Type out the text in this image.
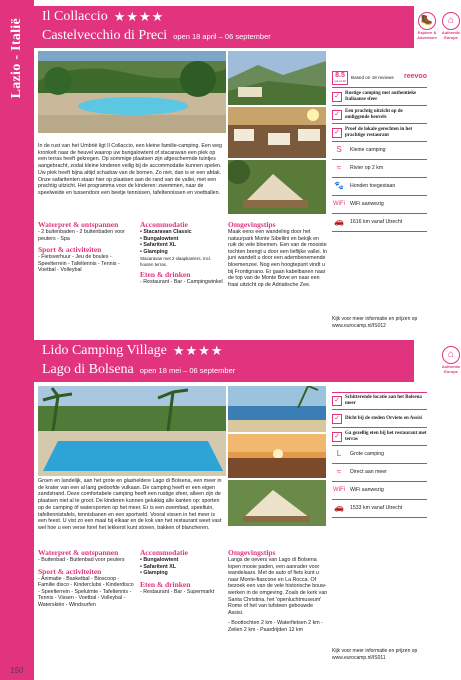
Lazio - Italië
Il Collaccio ★★★★
Castelvecchio di Preci open 18 april – 06 september
🥾
Explore & Adventure
⌂
Authentic Europe
In de rust van het Umbrië ligt Il Collaccio, een kleine familie-camping. Een weg kronkelt naar de heuvel waarop uw bungalowtent of stacaravan een plek op een terras heeft gekregen. Op sommige plaatsen zijn afgeschermde tuintjes aangebracht, zodat kleine kinderen veilig bij de accommodatie kunnen spelen. Uw plek heeft bijna altijd schaduw van de bomen. Zo niet, dan is er een afdak. Onze safaritenten staan hier op plaatsen aan de rand van de vallei, met een prachtig uitzicht. Het programma voor de kinderen: zwemmen, naar de speelweide en tussendoor een beetje tennissen, tafeltennissen en voetballen.
Waterpret & ontspannen
- 2 buitenbaden - 2 buitenbaden voor peuters - Spa
Sport & activiteiten
- Fietsverhuur - Jeu de boules - Speelterrein - Tafeltennis - Tennis - Voetbal - Volleybal
Accommodatie
• Stacaravan Classic
• Bungalowtent
• Safaritent XL
• Glamping
Stacaravan met 2 slaapkamers. Incl. houten terras.
Eten & drinken
- Restaurant - Bar - Campingwinkel
Omgevingstips
Maak eens een wandeling door het natuurpark Monte Sibellini en bekijk en ruik de vele bloemen. Een van de mooiste tochten brengt u door een lieflijke vallei. In juni wandelt u door een adembenemende bloemenzee. Nog een hoogtepunt vindt u bij Frontignano. Er gaan kabelbanen naar de top van de Monte Bove en naar een fraai uitzicht op de Adriatische Zee.
8.5
out of 10
Based on 18 reviews	reevoo
✓	Rustige camping met authentieke Italiaanse sfeer
✓	Een prachtig uitzicht op de omliggende heuvels
✓	Proef de lokale gerechten in het prachtige restaurant
S	Kleine camping
≈	Rivier op 2 km
🐾	Honden toegestaan
WiFi WiFi aanwezig
🚗	1616 km vanaf Utrecht
Kijk voor meer informatie en prijzen op www.eurocamp.nl/IS012
Lido Camping Village ★★★★
Lago di Bolsena open 18 mei – 06 september
⌂
Authentic Europe
Groen en landelijk, aan het grote en glasheldere Lago di Bolsena, een meer in de krater van een al lang gedoofde vulkaan. De camping heeft er een eigen zandstrand. Deze comfortabele camping heeft een rustige sfeer, alleen zijn de plaatsen niet al te groot. De kinderen kunnen gelukkig alle kanten op: sporten op de camping óf watersporten op het meer. Er is een zwembad, speeltuin, tafeltennistafels, tennisbanen en een sportveld. Vooral vissen in het meer is een feest. U vist zo een maal bij elkaar en de kok van het restaurant weet vast wel hoe u een verse forel het lekkerst kunt stoven, bakken of blancheren.
Waterpret & ontspannen
- Buitenbad - Buitenbad voor peuters
Sport & activiteiten
- Animatie - Basketbal - Bioscoop - Familie disco - Kinderclubs - Kinderdisco - Speelterrein - Speluimte - Tafeltennis - Tennis - Vissen - Voetbal - Volleybal - Waterskiën - Windsurfen
Accommodatie
• Bungalowtent
• Safaritent XL
• Glamping
Eten & drinken
- Restaurant - Bar - Supermarkt
Omgevingstips
Langs de oevers van Lago di Bolsena lopen mooie paden, een aanrader voor wandelaars. Met de auto of fiets kunt u naar Monte-fiascone en La Rocca. Of bezoek een van de vele historische bouw-werken in de omgeving. Zoals de kerk van Santa Christina, het 'openluchtmuseum' Rome of het van tufsteen gebouwde Assisi.
- Boottochten 2 km - Waterfietsen 2 km - Zeilen 2 km - Paardrijden 12 km
✓	Schitterende locatie aan het Bolsena meer
✓	Dicht bij de steden Orvieto en Assisi
✓	Ga gezellig eten bij het restaurant met terras
L	Grote camping
≈	Direct aan meer
WiFi WiFi aanwezig
🚗	1533 km vanaf Utrecht
Kijk voor meer informatie en prijzen op www.eurocamp.nl/IS011
150
